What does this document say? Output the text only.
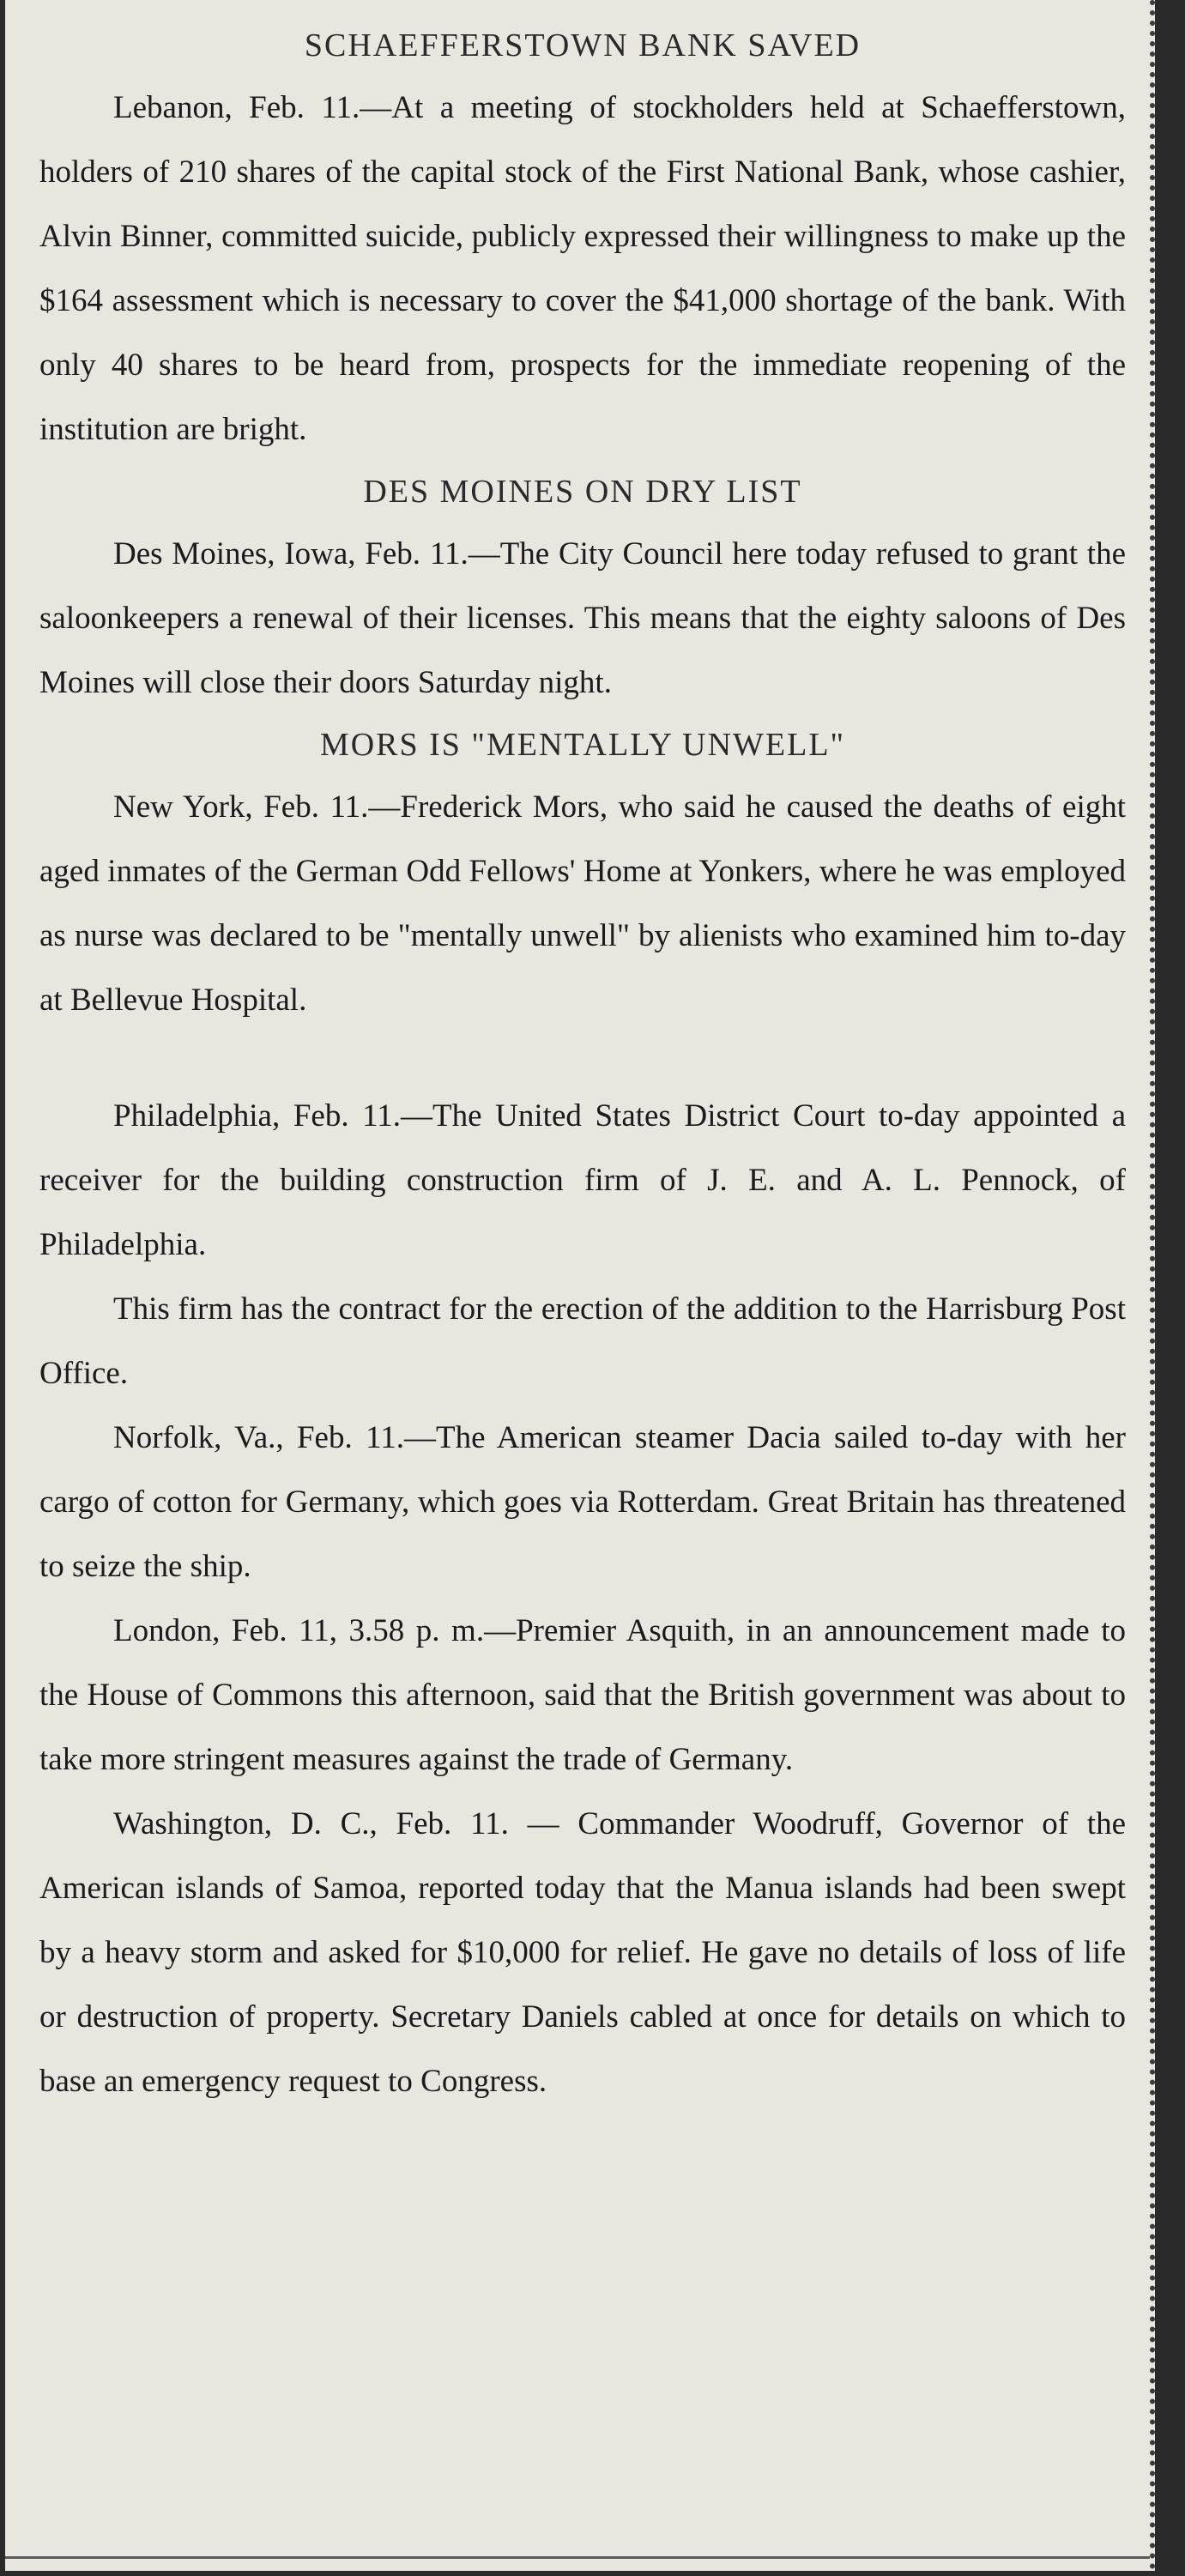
SCHAEFFERSTOWN BANK SAVED

Lebanon, Feb. 11.—At a meeting of stockholders held at Schaefferstown, holders of 210 shares of the capital stock of the First National Bank, whose cashier, Alvin Binner, committed suicide, publicly expressed their willingness to make up the $164 assessment which is necessary to cover the $41,000 shortage of the bank. With only 40 shares to be heard from, prospects for the immediate reopening of the institution are bright.

DES MOINES ON DRY LIST

Des Moines, Iowa, Feb. 11.—The City Council here today refused to grant the saloonkeepers a renewal of their licenses. This means that the eighty saloons of Des Moines will close their doors Saturday night.

MORS IS "MENTALLY UNWELL"

New York, Feb. 11.—Frederick Mors, who said he caused the deaths of eight aged inmates of the German Odd Fellows' Home at Yonkers, where he was employed as nurse was declared to be "mentally unwell" by alienists who examined him to-day at Bellevue Hospital.

Philadelphia, Feb. 11.—The United States District Court to-day appointed a receiver for the building construction firm of J. E. and A. L. Pennock, of Philadelphia.

This firm has the contract for the erection of the addition to the Harrisburg Post Office.

Norfolk, Va., Feb. 11.—The American steamer Dacia sailed to-day with her cargo of cotton for Germany, which goes via Rotterdam. Great Britain has threatened to seize the ship.

London, Feb. 11, 3.58 p. m.—Premier Asquith, in an announcement made to the House of Commons this afternoon, said that the British government was about to take more stringent measures against the trade of Germany.

Washington, D. C., Feb. 11. — Commander Woodruff, Governor of the American islands of Samoa, reported today that the Manua islands had been swept by a heavy storm and asked for $10,000 for relief. He gave no details of loss of life or destruction of property. Secretary Daniels cabled at once for details on which to base an emergency request to Congress.
